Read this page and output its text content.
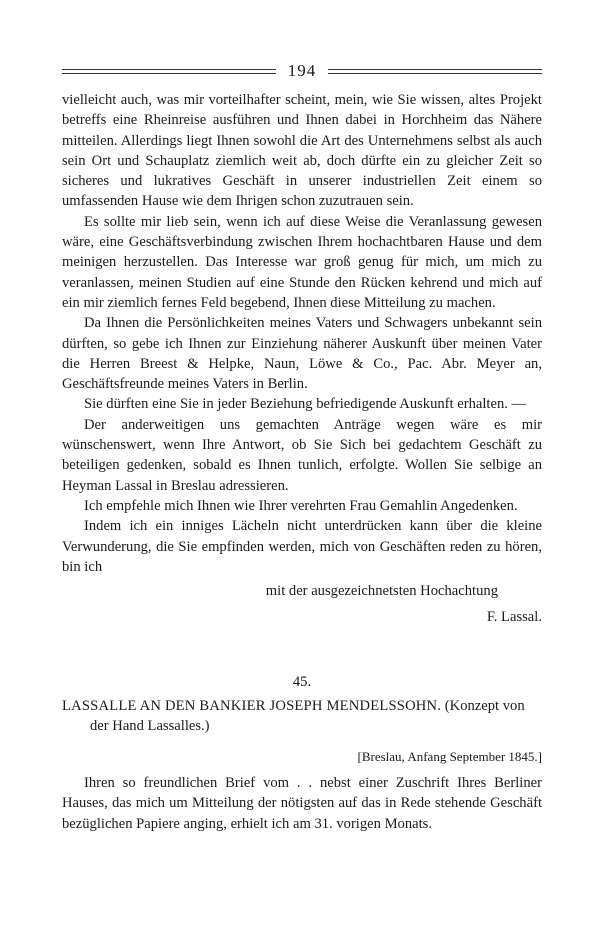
194

vielleicht auch, was mir vorteilhafter scheint, mein, wie Sie wissen, altes Projekt betreffs eine Rheinreise ausführen und Ihnen dabei in Horchheim das Nähere mitteilen. Allerdings liegt Ihnen sowohl die Art des Unternehmens selbst als auch sein Ort und Schauplatz ziemlich weit ab, doch dürfte ein zu gleicher Zeit so sicheres und lukratives Geschäft in unserer industriellen Zeit einem so umfassenden Hause wie dem Ihrigen schon zuzutrauen sein.

Es sollte mir lieb sein, wenn ich auf diese Weise die Veranlassung gewesen wäre, eine Geschäftsverbindung zwischen Ihrem hochachtbaren Hause und dem meinigen herzustellen. Das Interesse war groß genug für mich, um mich zu veranlassen, meinen Studien auf eine Stunde den Rücken kehrend und mich auf ein mir ziemlich fernes Feld begebend, Ihnen diese Mitteilung zu machen.

Da Ihnen die Persönlichkeiten meines Vaters und Schwagers unbekannt sein dürften, so gebe ich Ihnen zur Einziehung näherer Auskunft über meinen Vater die Herren Breest & Helpke, Naun, Löwe & Co., Pac. Abr. Meyer an, Geschäftsfreunde meines Vaters in Berlin.

Sie dürften eine Sie in jeder Beziehung befriedigende Auskunft erhalten. —

Der anderweitigen uns gemachten Anträge wegen wäre es mir wünschenswert, wenn Ihre Antwort, ob Sie Sich bei gedachtem Geschäft zu beteiligen gedenken, sobald es Ihnen tunlich, erfolgte. Wollen Sie selbige an Heyman Lassal in Breslau adressieren.

Ich empfehle mich Ihnen wie Ihrer verehrten Frau Gemahlin Angedenken.

Indem ich ein inniges Lächeln nicht unterdrücken kann über die kleine Verwunderung, die Sie empfinden werden, mich von Geschäften reden zu hören, bin ich

mit der ausgezeichnetsten Hochachtung

F. Lassal.

45.

LASSALLE AN DEN BANKIER JOSEPH MENDELSSOHN. (Konzept von der Hand Lassalles.)

[Breslau, Anfang September 1845.]

Ihren so freundlichen Brief vom . . nebst einer Zuschrift Ihres Berliner Hauses, das mich um Mitteilung der nötigsten auf das in Rede stehende Geschäft bezüglichen Papiere anging, erhielt ich am 31. vorigen Monats.
